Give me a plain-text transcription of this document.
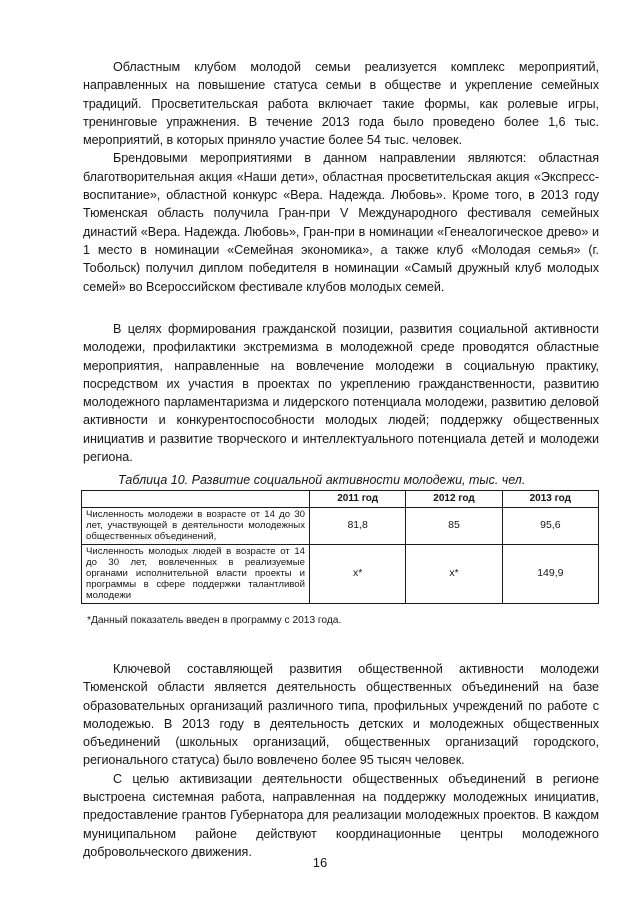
Областным клубом молодой семьи реализуется комплекс мероприятий, направленных на повышение статуса семьи в обществе и укрепление семейных традиций. Просветительская работа включает такие формы, как ролевые игры, тренинговые упражнения. В течение 2013 года было проведено более 1,6 тыс. мероприятий, в которых приняло участие более 54 тыс. человек.

Брендовыми мероприятиями в данном направлении являются: областная благотворительная акция «Наши дети», областная просветительская акция «Экспресс-воспитание», областной конкурс «Вера. Надежда. Любовь». Кроме того, в 2013 году Тюменская область получила Гран-при V Международного фестиваля семейных династий «Вера. Надежда. Любовь», Гран-при в номинации «Генеалогическое древо» и 1 место в номинации «Семейная экономика», а также клуб «Молодая семья» (г. Тобольск) получил диплом победителя в номинации «Самый дружный клуб молодых семей» во Всероссийском фестивале клубов молодых семей.

В целях формирования гражданской позиции, развития социальной активности молодежи, профилактики экстремизма в молодежной среде проводятся областные мероприятия, направленные на вовлечение молодежи в социальную практику, посредством их участия в проектах по укреплению гражданственности, развитию молодежного парламентаризма и лидерского потенциала молодежи, развитию деловой активности и конкурентоспособности молодых людей; поддержку общественных инициатив и развитие творческого и интеллектуального потенциала детей и молодежи региона.

Таблица 10. Развитие социальной активности молодежи, тыс. чел.

	2011 год	2012 год	2013 год
Численность молодежи в возрасте от 14 до 30 лет, участвующей в деятельности молодежных общественных объединений,	81,8	85	95,6
Численность молодых людей в возрасте от 14 до 30 лет, вовлеченных в реализуемые органами исполнительной власти проекты и программы в сфере поддержки талантливой молодежи	х*	х*	149,9

*Данный показатель введен в программу с 2013 года.

Ключевой составляющей развития общественной активности молодежи Тюменской области является деятельность общественных объединений на базе образовательных организаций различного типа, профильных учреждений по работе с молодежью. В 2013 году в деятельность детских и молодежных общественных объединений (школьных организаций, общественных организаций городского, регионального статуса) было вовлечено более 95 тысяч человек.

С целью активизации деятельности общественных объединений в регионе выстроена системная работа, направленная на поддержку молодежных инициатив, предоставление грантов Губернатора для реализации молодежных проектов. В каждом муниципальном районе действуют координационные центры молодежного добровольческого движения.

16
